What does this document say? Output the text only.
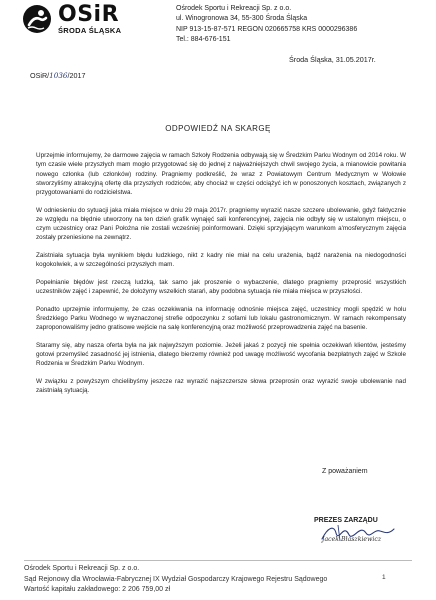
OSiR
ŚRODA ŚLĄSKA
Ośrodek Sportu i Rekreacji Sp. z o.o.
ul. Winogronowa 34, 55-300 Środa Śląska
NIP 913-15-87-571 REGON 020665758 KRS 0000296386
Tel.: 884-676-151
Środa Śląska, 31.05.2017r.
OSiR/1036/2017
ODPOWIEDŹ NA SKARGĘ

Uprzejmie informujemy, że darmowe zajęcia w ramach Szkoły Rodzenia odbywają się w Średzkim Parku Wodnym od 2014 roku. W tym czasie wiele przyszłych mam mogło przygotować się do jednej z najważniejszych chwil swojego życia, a mianowicie powitania nowego członka (lub członków) rodziny. Pragniemy podkreślić, że wraz z Powiatowym Centrum Medycznym w Wołowie stworzyliśmy atrakcyjną ofertę dla przyszłych rodziców, aby chociaż w części odciążyć ich w ponoszonych kosztach, związanych z przygotowaniami do rodzicielstwa.

W odniesieniu do sytuacji jaka miała miejsce w dniu 29 maja 2017r. pragniemy wyrazić nasze szczere ubolewanie, gdyż faktycznie ze względu na błędnie utworzony na ten dzień grafik wynajęć sali konferencyjnej, zajęcia nie odbyły się w ustalonym miejscu, o czym uczestnicy oraz Pani Położna nie zostali wcześniej poinformowani. Dzięki sprzyjającym warunkom a'mosferycznym zajęcia zostały przeniesione na zewnątrz.

Zaistniała sytuacja była wynikiem błędu ludzkiego, nikt z kadry nie miał na celu urażenia, bądź narażenia na niedogodności kogokolwiek, a w szczególności przyszłych mam.

Popełnianie błędów jest rzeczą ludzką, tak samo jak proszenie o wybaczenie, dlatego pragniemy przeprosić wszystkich uczestników zajęć i zapewnić, że dołożymy wszelkich starań, aby podobna sytuacja nie miała miejsca w przyszłości.

Ponadto uprzejmie informujemy, że czas oczekiwania na informację odnośnie miejsca zajęć, uczestnicy mogli spędzić w holu Średzkiego Parku Wodnego w wyznaczonej strefie odpoczynku z sofami lub lokalu gastronomicznym. W ramach rekompensaty zaproponowaliśmy jedno gratisowe wejście na salę konferencyjną oraz możliwość przeprowadzenia zajęć na basenie.

Staramy się, aby nasza oferta była na jak najwyższym poziomie. Jeżeli jakaś z pozycji nie spełnia oczekiwań klientów, jesteśmy gotowi przemyśleć zasadność jej istnienia, dlatego bierzemy również pod uwagę możliwość wycofania bezpłatnych zajęć w Szkole Rodzenia w Średzkim Parku Wodnym.

W związku z powyższym chcielibyśmy jeszcze raz wyrazić najszczersze słowa przeprosin oraz wyrazić swoje ubolewanie nad zaistniałą sytuacją.

Z poważaniem
PREZES ZARZĄDU
Jacek Błaszkiewicz
Ośrodek Sportu i Rekreacji Sp. z o.o.
Sąd Rejonowy dla Wrocławia-Fabrycznej IX Wydział Gospodarczy Krajowego Rejestru Sądowego
Wartość kapitału zakładowego: 2 206 759,00 zł
1
